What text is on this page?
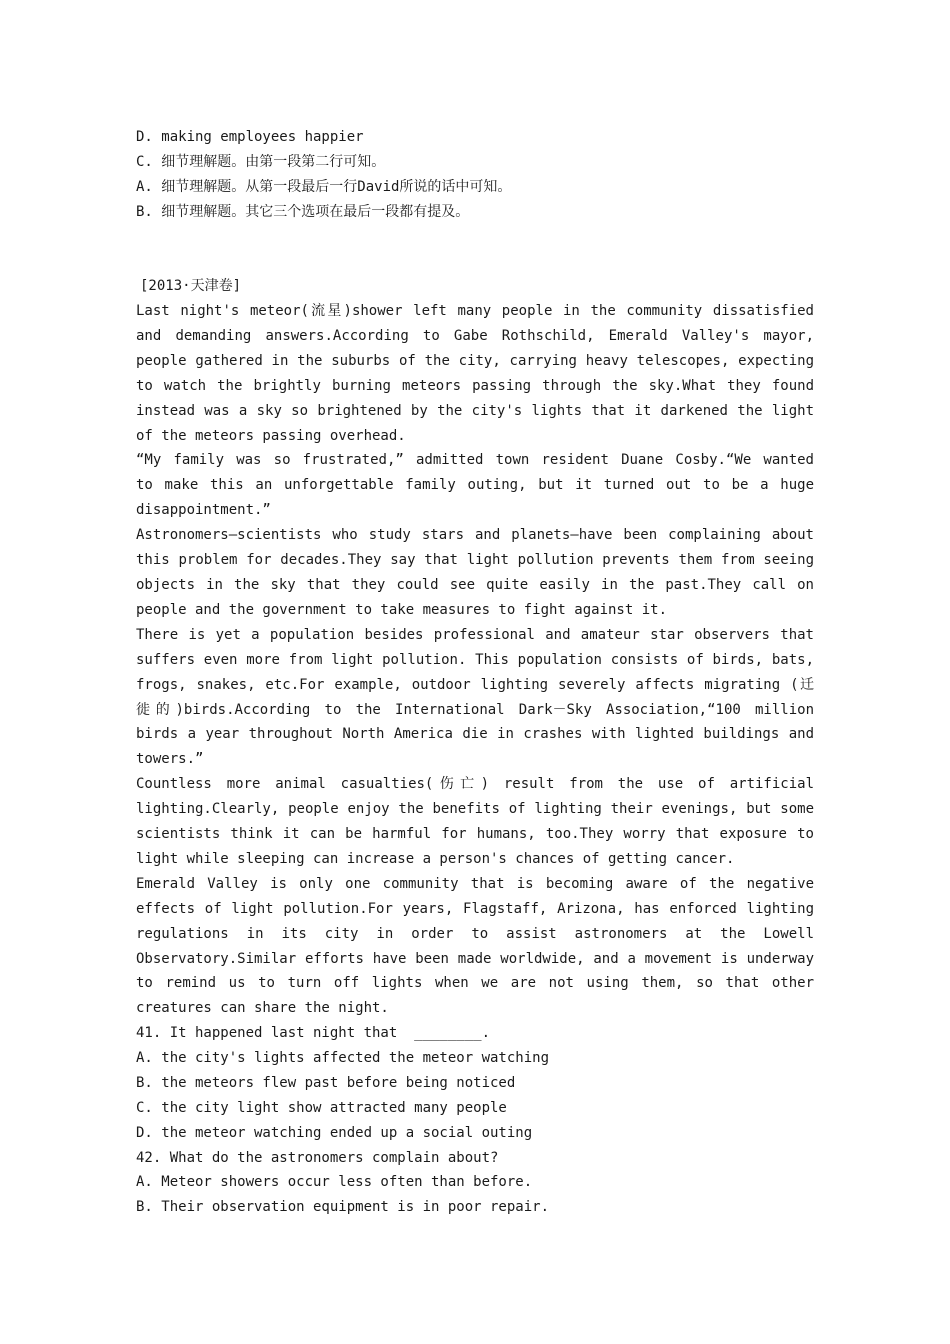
D. making employees happier
C. 细节理解题。由第一段第二行可知。
A. 细节理解题。从第一段最后一行David所说的话中可知。
B. 细节理解题。其它三个选项在最后一段都有提及。
[2013·天津卷]
Last night's meteor(流星)shower left many people in the community dissatisfied
and demanding answers.According to Gabe Rothschild, Emerald Valley's mayor,
people gathered in the suburbs of the city, carrying heavy telescopes, expecting
to watch the brightly burning meteors passing through the sky.What they found
instead was a sky so brightened by the city's lights that it darkened the light
of the meteors passing overhead.
“My family was so frustrated,” admitted town resident Duane Cosby.“We wanted
to make this an unforgettable family outing, but it turned out to be a huge
disappointment.”
Astronomers—scientists who study stars and planets—have been complaining about
this problem for decades.They say that light pollution prevents them from seeing
objects in the sky that they could see quite easily in the past.They call on
people and the government to take measures to fight against it.
There is yet a population besides professional and amateur star observers that
suffers even more from light pollution. This population consists of birds, bats,
frogs, snakes, etc.For example, outdoor lighting severely affects migrating (迁
徙的)birds.According to the International Dark－Sky Association,“100 million
birds a year throughout North America die in crashes with lighted buildings and
towers.”
Countless more animal casualties(伤亡) result from the use of artificial
lighting.Clearly, people enjoy the benefits of lighting their evenings, but some
scientists think it can be harmful for humans, too.They worry that exposure to
light while sleeping can increase a person's chances of getting cancer.
Emerald Valley is only one community that is becoming aware of the negative
effects of light pollution.For years, Flagstaff, Arizona, has enforced lighting
regulations in its city in order to assist astronomers at the Lowell
Observatory.Similar efforts have been made worldwide, and a movement is underway
to remind us to turn off lights when we are not using them, so that other
creatures can share the night.
41. It happened last night that  ________.
A. the city's lights affected the meteor watching
B. the meteors flew past before being noticed
C. the city light show attracted many people
D. the meteor watching ended up a social outing
42. What do the astronomers complain about?
A. Meteor showers occur less often than before.
B. Their observation equipment is in poor repair.
